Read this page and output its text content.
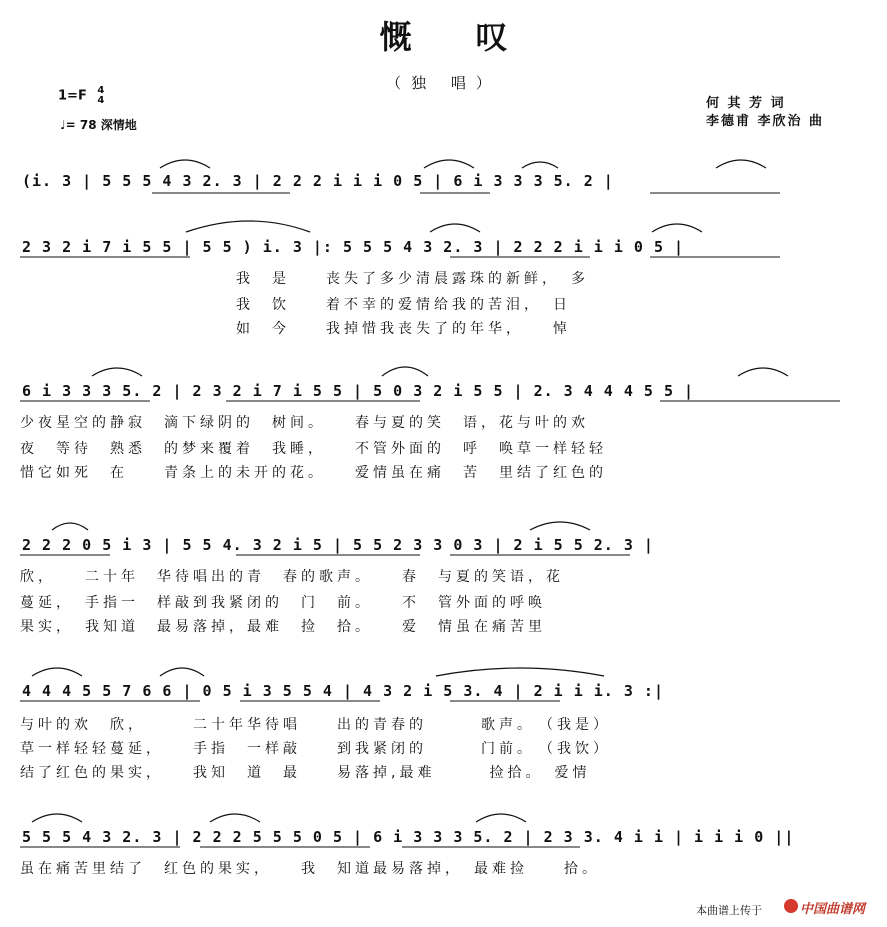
慨叹
（独 唱）
1=F 4
4
♩= 78 深情地
何 其 芳 词
李德甫 李欣治 曲
(i. 3 | 5 5 5 4 3 2. 3 | 2 2 2 i i i 0 5 | 6 i 3 3 3 5. 2 |
2 3 2 i 7 i 5 5 | 5 5 ) i. 3 |: 5 5 5 4 3 2. 3 | 2 2 2 i i i 0 5 |
　　　　　　　　　　　　我　是　　丧失了多少清晨露珠的新鲜，　多
　　　　　　　　　　　　我　饮　　着不幸的爱情给我的苦泪，　日
　　　　　　　　　　　　如　今　　我掉惜我丧失了的年华，　　悼
6 i 3 3 3 5. 2 | 2 3 2 i 7 i 5 5 | 5 0 3 2 i 5 5 | 2. 3 4 4 4 5 5 |
少夜星空的静寂　滴下绿阴的　树间。　　春与夏的笑　语，花与叶的欢
夜　等待　熟悉　的梦来覆着　我睡，　　不管外面的　呼　唤草一样轻轻
惜它如死　在　　青条上的未开的花。　　爱情虽在痛　苦　里结了红色的
2 2 2 0 5 i 3 | 5 5 4. 3 2 i 5 | 5 5 2 3 3 0 3 | 2 i 5 5 2. 3 |
欣，　　二十年　华待唱出的青　春的歌声。　　春　与夏的笑语，花
蔓延，　手指一　样敲到我紧闭的　门　前。　　不　管外面的呼唤
果实，　我知道　最易落掉，最难　捡　拾。　　爱　情虽在痛苦里
4 4 4 5 5 7 6 6 | 0 5 i 3 5 5 4 | 4 3 2 i 5 3. 4 | 2 i i i. 3 :|
与叶的欢　欣，　　　二十年华待唱　　出的青春的　　　歌声。　（我是）
草一样轻轻蔓延，　　手指　一样敲　　到我紧闭的　　　门前。　（我饮）
结了红色的果实，　　我知　道　最　　易落掉,最难　　　捡拾。　爱情
5 5 5 4 3 2. 3 | 2 2 2 5 5 5 0 5 | 6 i 3 3 3 5. 2 | 2 3 3. 4 i i | i i i 0 ||
虽在痛苦里结了　红色的果实，　　我　知道最易落掉，　最难捡　　拾。
本曲谱上传于	中国曲谱网
